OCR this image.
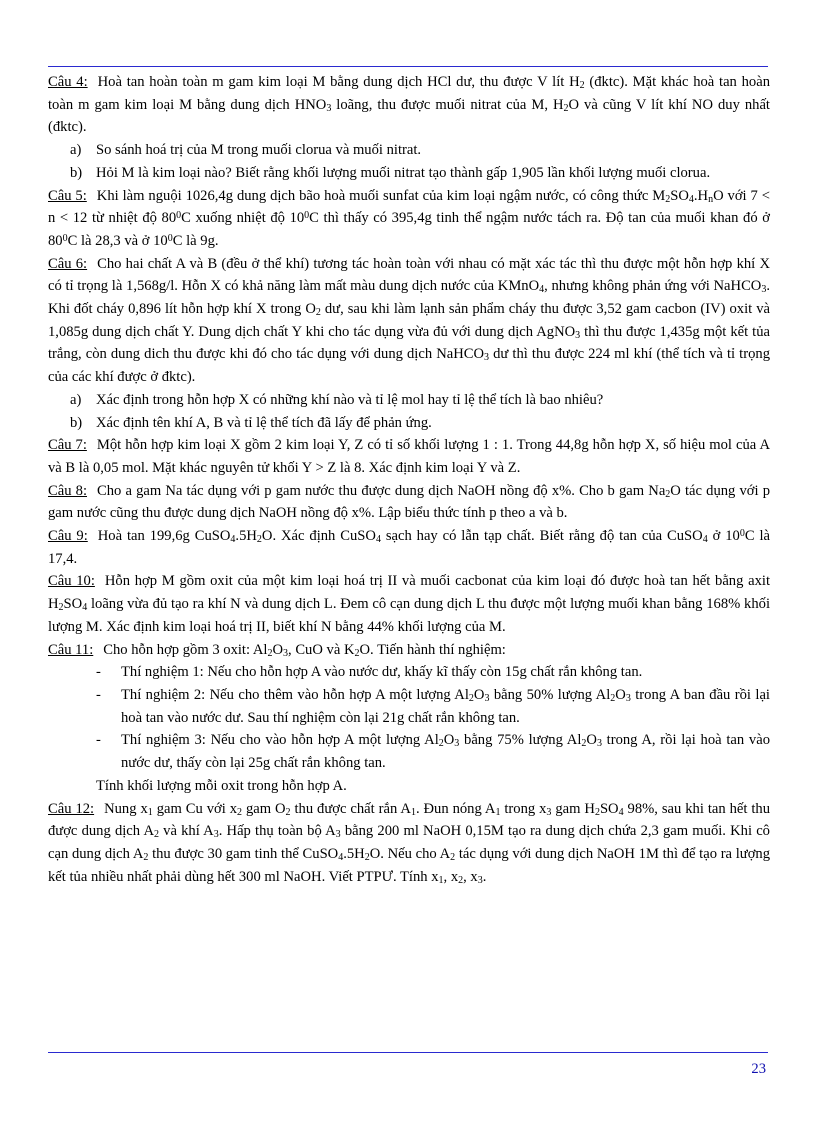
Câu 4: Hoà tan hoàn toàn m gam kim loại M bằng dung dịch HCl dư, thu được V lít $H_2$ (đktc). Mặt khác hoà tan hoàn toàn m gam kim loại M bằng dung dịch $HNO_3$ loãng, thu được muối nitrat của M, $H_2O$ và cũng V lít khí NO duy nhất (đktc).

a) So sánh hoá trị của M trong muối clorua và muối nitrat.
b) Hỏi M là kim loại nào? Biết rằng khối lượng muối nitrat tạo thành gấp 1,905 lần khối lượng muối clorua.

Câu 5: Khi làm nguội 1026,4g dung dịch bão hoà muối sunfat của kim loại ngậm nước, có công thức $M_2SO_4.H_nO$ với 7 < n < 12 từ nhiệt độ $80^0C$ xuống nhiệt độ $10^0C$ thì thấy có 395,4g tinh thể ngậm nước tách ra. Độ tan của muối khan đó ở $80^0C$ là 28,3 và ở $10^0C$ là 9g.

Câu 6: Cho hai chất A và B (đều ở thể khí) tương tác hoàn toàn với nhau có mặt xác tác thì thu được một hỗn hợp khí X có tỉ trọng là 1,568g/l. Hỗn X có khả năng làm mất màu dung dịch nước của KMnO$_4$, nhưng không phản ứng với NaHCO$_3$. Khi đốt cháy 0,896 lít hỗn hợp khí X trong $O_2$ dư, sau khi làm lạnh sản phẩm cháy thu được 3,52 gam cacbon (IV) oxit và 1,085g dung dịch chất Y. Dung dịch chất Y khi cho tác dụng vừa đủ với dung dịch AgNO$_3$ thì thu được 1,435g một kết tủa trắng, còn dung dich thu được khi đó cho tác dụng với dung dịch NaHCO$_3$ dư thì thu được 224 ml khí (thể tích và tỉ trọng của các khí được ở đktc).

a) Xác định trong hỗn hợp X có những khí nào và tỉ lệ mol hay tỉ lệ thể tích là bao nhiêu?
b) Xác định tên khí A, B và tỉ lệ thể tích đã lấy để phản ứng.

Câu 7: Một hỗn hợp kim loại X gồm 2 kim loại Y, Z có tỉ số khối lượng 1 : 1. Trong 44,8g hỗn hợp X, số hiệu mol của A và B là 0,05 mol. Mặt khác nguyên tử khối Y > Z là 8. Xác định kim loại Y và Z.

Câu 8: Cho a gam Na tác dụng với p gam nước thu được dung dịch NaOH nồng độ x%. Cho b gam $Na_2O$ tác dụng với p gam nước cũng thu được dung dịch NaOH nồng độ x%. Lập biểu thức tính p theo a và b.

Câu 9: Hoà tan 199,6g $CuSO_4.5H_2O$. Xác định CuSO$_4$ sạch hay có lẫn tạp chất. Biết rằng độ tan của CuSO$_4$ ở $10^0C$ là 17,4.

Câu 10: Hỗn hợp M gồm oxit của một kim loại hoá trị II và muối cacbonat của kim loại đó được hoà tan hết bằng axit $H_2SO_4$ loãng vừa đủ tạo ra khí N và dung dịch L. Đem cô cạn dung dịch L thu được một lượng muối khan bằng 168% khối lượng M. Xác định kim loại hoá trị II, biết khí N bằng 44% khối lượng của M.

Câu 11: Cho hỗn hợp gồm 3 oxit: $Al_2O_3$, CuO và $K_2O$. Tiến hành thí nghiệm:

- Thí nghiệm 1: Nếu cho hỗn hợp A vào nước dư, khấy kĩ thấy còn 15g chất rắn không tan.
- Thí nghiệm 2: Nếu cho thêm vào hỗn hợp A một lượng $Al_2O_3$ bằng 50% lượng $Al_2O_3$ trong A ban đầu rồi lại hoà tan vào nước dư. Sau thí nghiệm còn lại 21g chất rắn không tan.
- Thí nghiệm 3: Nếu cho vào hỗn hợp A một lượng $Al_2O_3$ bằng 75% lượng $Al_2O_3$ trong A, rồi lại hoà tan vào nước dư, thấy còn lại 25g chất rắn không tan.
Tính khối lượng mỗi oxit trong hỗn hợp A.

Câu 12: Nung $x_1$ gam Cu với $x_2$ gam $O_2$ thu được chất rắn $A_1$. Đun nóng $A_1$ trong $x_3$ gam $H_2SO_4$ 98%, sau khi tan hết thu được dung dịch $A_2$ và khí $A_3$. Hấp thụ toàn bộ $A_3$ bằng 200 ml NaOH 0,15M tạo ra dung dịch chứa 2,3 gam muối. Khi cô cạn dung dịch $A_2$ thu được 30 gam tinh thể $CuSO_4.5H_2O$. Nếu cho $A_2$ tác dụng với dung dịch NaOH 1M thì để tạo ra lượng kết tủa nhiều nhất phải dùng hết 300 ml NaOH. Viết PTPƯ. Tính $x_1$, $x_2$, $x_3$.

23
